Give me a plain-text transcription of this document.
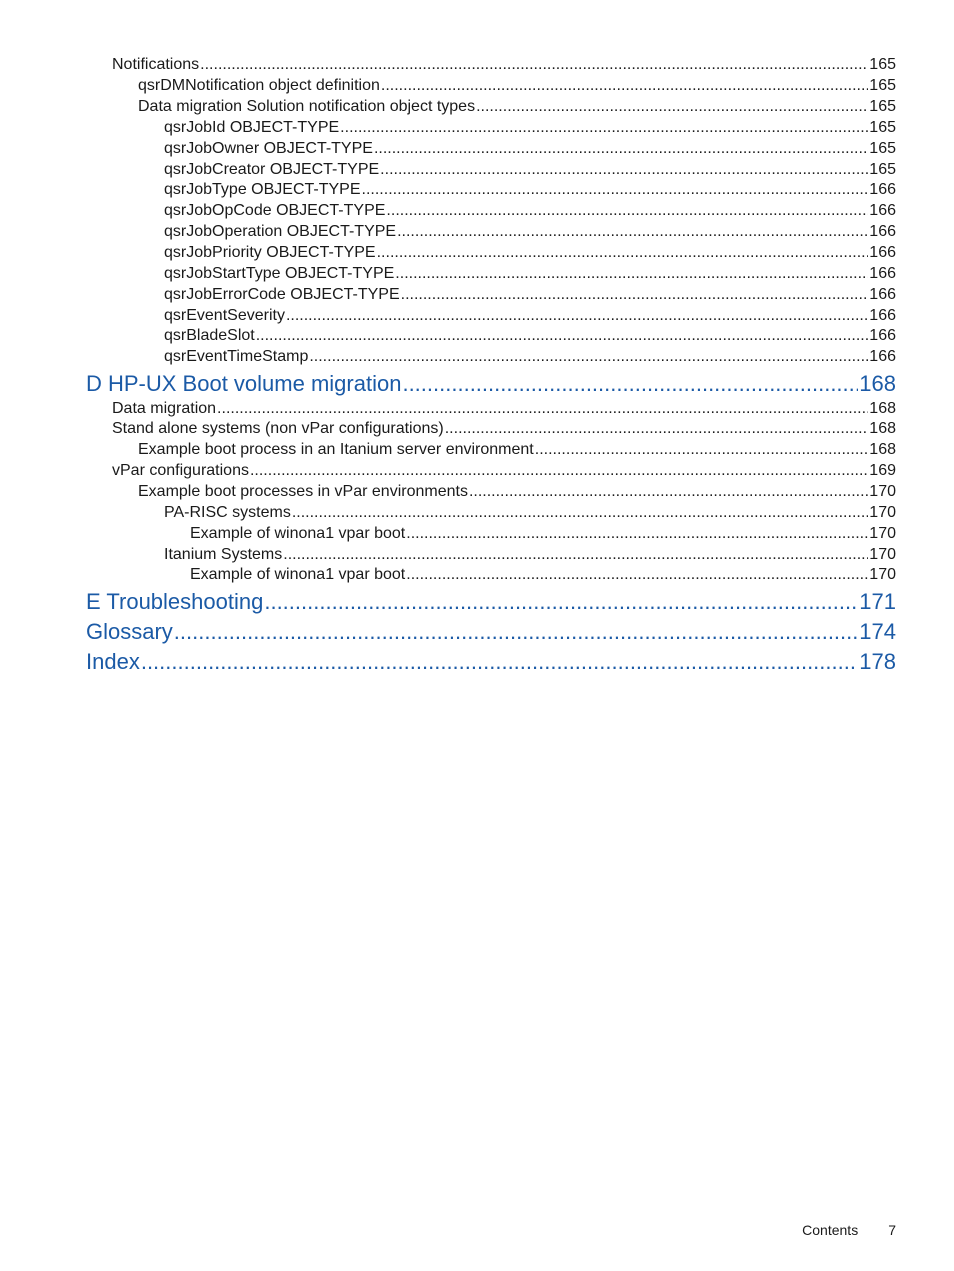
Notifications .....	165
qsrDMNotification object definition .....	165
Data migration Solution notification object types .....	165
qsrJobId OBJECT-TYPE .....	165
qsrJobOwner OBJECT-TYPE .....	165
qsrJobCreator OBJECT-TYPE .....	165
qsrJobType OBJECT-TYPE .....	166
qsrJobOpCode OBJECT-TYPE .....	166
qsrJobOperation OBJECT-TYPE .....	166
qsrJobPriority OBJECT-TYPE .....	166
qsrJobStartType OBJECT-TYPE .....	166
qsrJobErrorCode OBJECT-TYPE .....	166
qsrEventSeverity .....	166
qsrBladeSlot .....	166
qsrEventTimeStamp .....	166
D HP-UX Boot volume migration .....	168
Data migration .....	168
Stand alone systems (non vPar configurations) .....	168
Example boot process in an Itanium server environment .....	168
vPar configurations .....	169
Example boot processes in vPar environments .....	170
PA-RISC systems .....	170
Example of winona1 vpar boot .....	170
Itanium Systems .....	170
Example of winona1 vpar boot .....	170
E Troubleshooting .....	171
Glossary .....	174
Index .....	178
Contents 7
